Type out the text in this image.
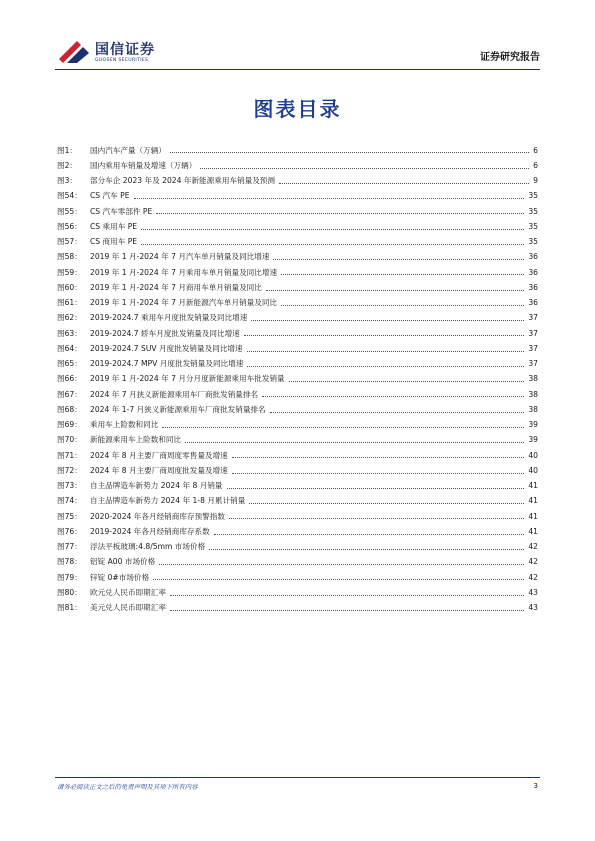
国信证券
GUOSEN SECURITIES	证券研究报告
图表目录
图1：	国内汽车产量（万辆）	6
图2：	国内乘用车销量及增速（万辆）	6
图3：	部分车企 2023 年及 2024 年新能源乘用车销量及预测	9
图54：	CS 汽车 PE	35
图55：	CS 汽车零部件 PE	35
图56：	CS 乘用车 PE	35
图57：	CS 商用车 PE	35
图58：	2019 年 1 月-2024 年 7 月汽车单月销量及同比增速	36
图59：	2019 年 1 月-2024 年 7 月乘用车单月销量及同比增速	36
图60：	2019 年 1 月-2024 年 7 月商用车单月销量及同比	36
图61：	2019 年 1 月-2024 年 7 月新能源汽车单月销量及同比	36
图62：	2019-2024.7 乘用车月度批发销量及同比增速	37
图63：	2019-2024.7 轿车月度批发销量及同比增速	37
图64：	2019-2024.7 SUV 月度批发销量及同比增速	37
图65：	2019-2024.7 MPV 月度批发销量及同比增速	37
图66：	2019 年 1 月-2024 年 7 月分月度新能源乘用车批发销量	38
图67：	2024 年 7 月狭义新能源乘用车厂商批发销量排名	38
图68：	2024 年 1-7 月狭义新能源乘用车厂商批发销量排名	38
图69：	乘用车上险数和同比	39
图70：	新能源乘用车上险数和同比	39
图71：	2024 年 8 月主要厂商周度零售量及增速	40
图72：	2024 年 8 月主要厂商周度批发量及增速	40
图73：	自主品牌造车新势力 2024 年 8 月销量	41
图74：	自主品牌造车新势力 2024 年 1-8 月累计销量	41
图75：	2020-2024 年各月经销商库存预警指数	41
图76：	2019-2024 年各月经销商库存系数	41
图77：	浮法平板玻璃:4.8/5mm 市场价格	42
图78：	铝锭 A00 市场价格	42
图79：	锌锭 0#市场价格	42
图80：	欧元兑人民币即期汇率	43
图81：	美元兑人民币即期汇率	43
请务必阅读正文之后的免责声明及其项下所有内容	3
